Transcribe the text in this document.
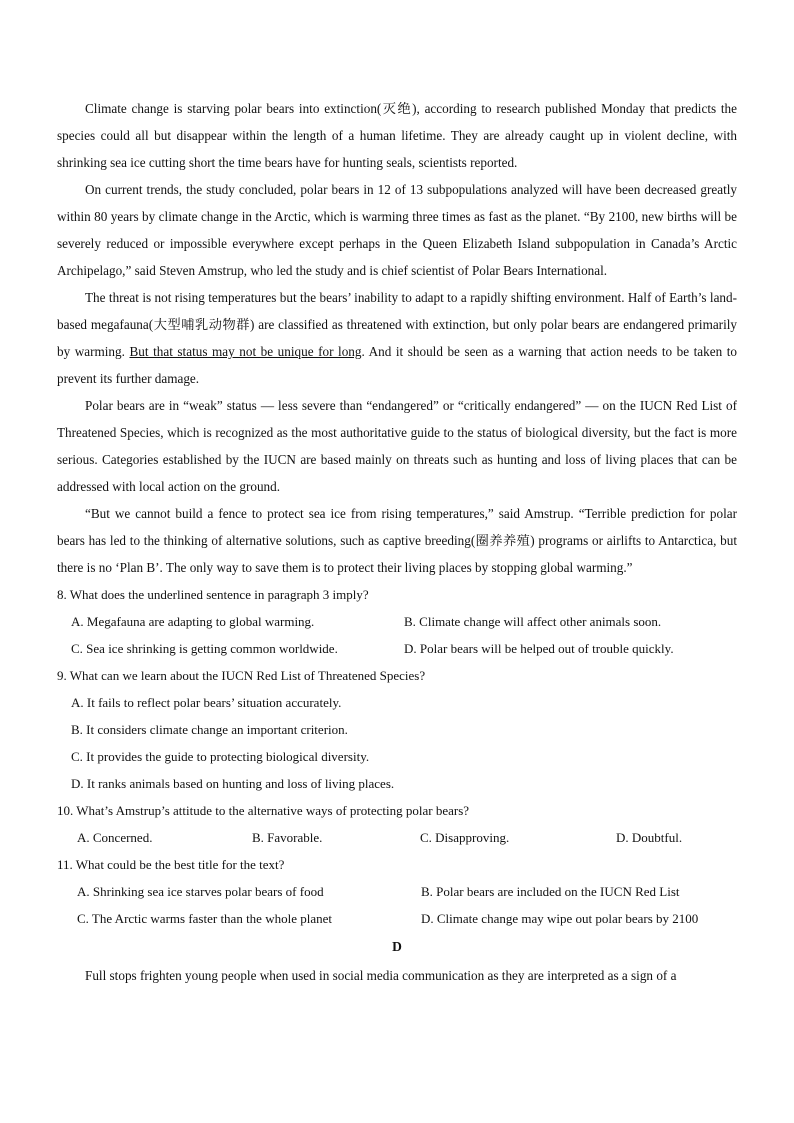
Climate change is starving polar bears into extinction(灭绝), according to research published Monday that predicts the species could all but disappear within the length of a human lifetime. They are already caught up in violent decline, with shrinking sea ice cutting short the time bears have for hunting seals, scientists reported.

On current trends, the study concluded, polar bears in 12 of 13 subpopulations analyzed will have been decreased greatly within 80 years by climate change in the Arctic, which is warming three times as fast as the planet. “By 2100, new births will be severely reduced or impossible everywhere except perhaps in the Queen Elizabeth Island subpopulation in Canada’s Arctic Archipelago,” said Steven Amstrup, who led the study and is chief scientist of Polar Bears International.

The threat is not rising temperatures but the bears’ inability to adapt to a rapidly shifting environment. Half of Earth’s land-based megafauna(大型哺乳动物群) are classified as threatened with extinction, but only polar bears are endangered primarily by warming. But that status may not be unique for long. And it should be seen as a warning that action needs to be taken to prevent its further damage.

Polar bears are in “weak” status — less severe than “endangered” or “critically endangered” — on the IUCN Red List of Threatened Species, which is recognized as the most authoritative guide to the status of biological diversity, but the fact is more serious. Categories established by the IUCN are based mainly on threats such as hunting and loss of living places that can be addressed with local action on the ground.

“But we cannot build a fence to protect sea ice from rising temperatures,” said Amstrup. “Terrible prediction for polar bears has led to the thinking of alternative solutions, such as captive breeding(圈养养殖) programs or airlifts to Antarctica, but there is no ‘Plan B’. The only way to save them is to protect their living places by stopping global warming.”

8. What does the underlined sentence in paragraph 3 imply?

A. Megafauna are adapting to global warming.	B. Climate change will affect other animals soon.
C. Sea ice shrinking is getting common worldwide.	D. Polar bears will be helped out of trouble quickly.

9. What can we learn about the IUCN Red List of Threatened Species?

A. It fails to reflect polar bears’ situation accurately.

B. It considers climate change an important criterion.

C. It provides the guide to protecting biological diversity.

D. It ranks animals based on hunting and loss of living places.

10. What’s Amstrup’s attitude to the alternative ways of protecting polar bears?

A. Concerned.	B. Favorable.	C. Disapproving.	D. Doubtful.

11. What could be the best title for the text?

A. Shrinking sea ice starves polar bears of food	B. Polar bears are included on the IUCN Red List
C. The Arctic warms faster than the whole planet	D. Climate change may wipe out polar bears by 2100

D

Full stops frighten young people when used in social media communication as they are interpreted as a sign of a
